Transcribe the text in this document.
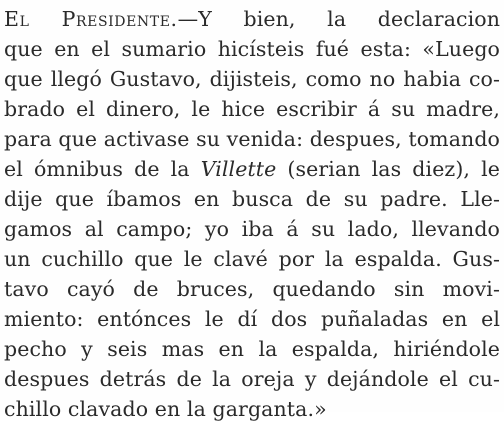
El Presidente.—Y bien, la declaracion
que en el sumario hicísteis fué esta: «Luego
que llegó Gustavo, dijisteis, como no habia co-
brado el dinero, le hice escribir á su madre,
para que activase su venida: despues, tomando
el ómnibus de la Villette (serian las diez), le
dije que íbamos en busca de su padre. Lle-
gamos al campo; yo iba á su lado, llevando
un cuchillo que le clavé por la espalda. Gus-
tavo cayó de bruces, quedando sin movi-
miento: entónces le dí dos puñaladas en el
pecho y seis mas en la espalda, hiriéndole
despues detrás de la oreja y dejándole el cu-
chillo clavado en la garganta.»
